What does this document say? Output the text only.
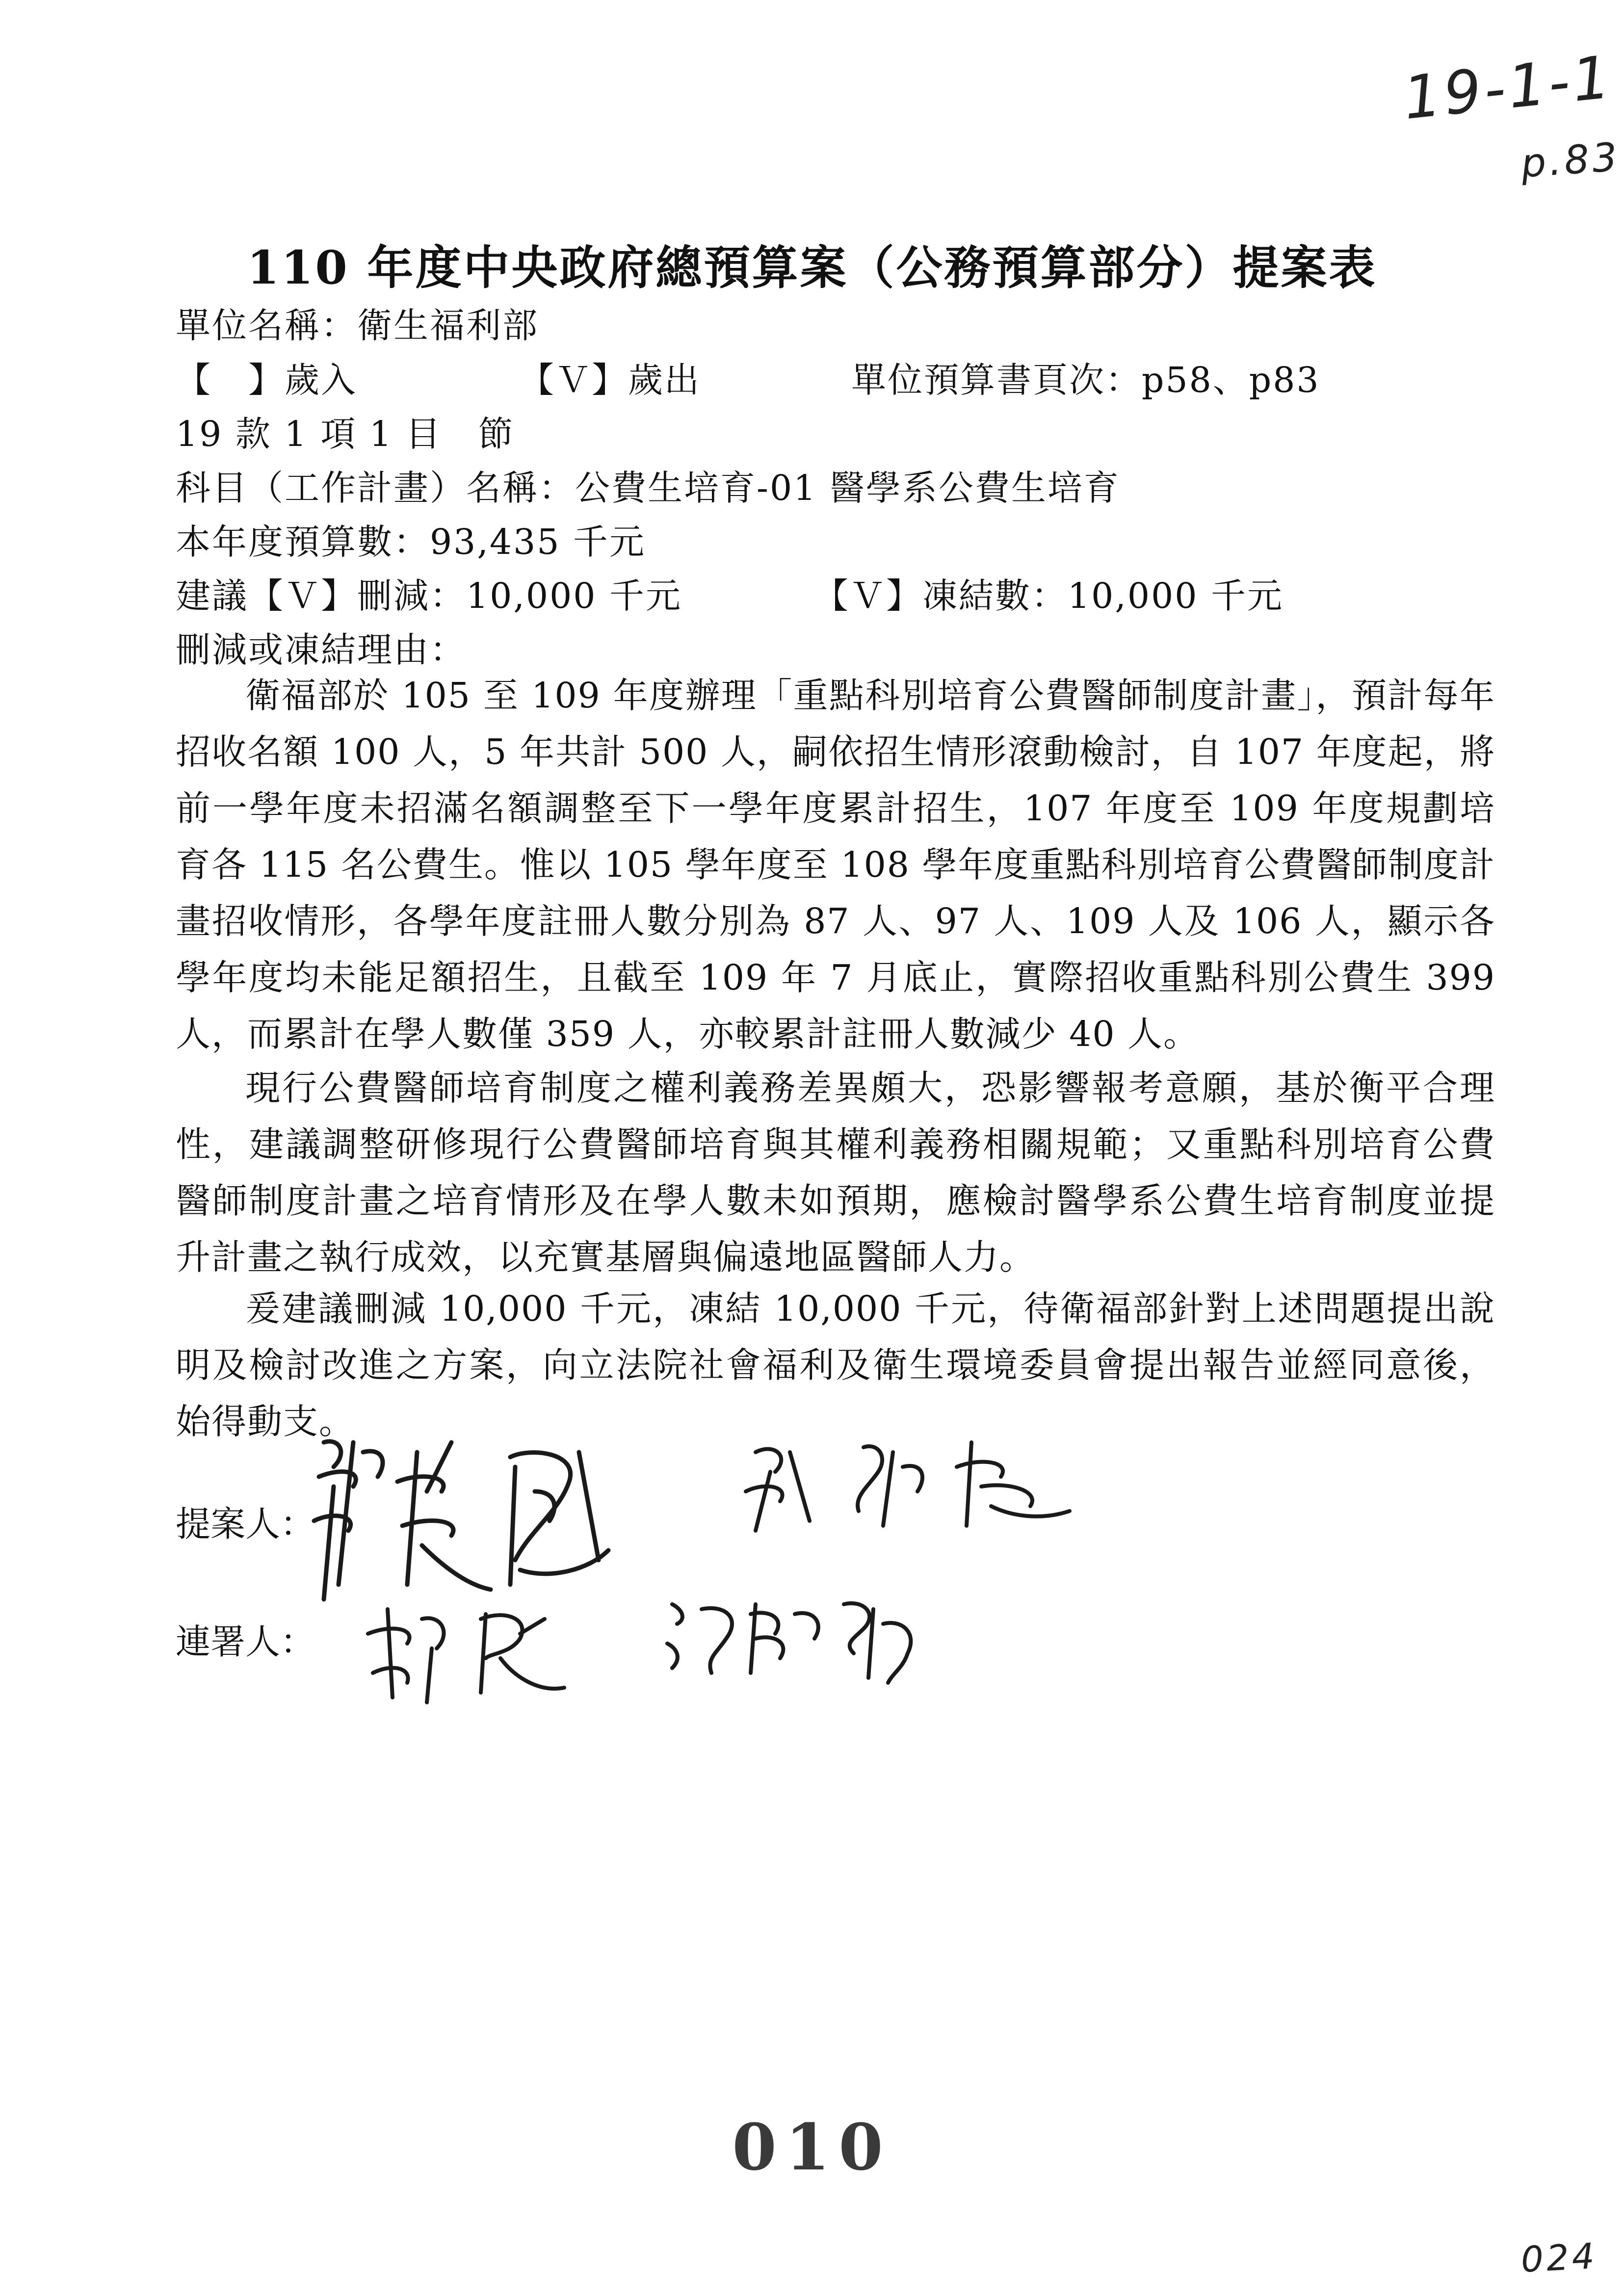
19-1-1
p.83
024
110 年度中央政府總預算案（公務預算部分）提案表
單位名稱：衛生福利部
【　】歲入	【Ｖ】歲出	單位預算書頁次：p58、p83
19 款 1 項 1 目　節
科目（工作計畫）名稱：公費生培育-01 醫學系公費生培育
本年度預算數：93,435 千元
建議【Ｖ】刪減：10,000 千元	【Ｖ】凍結數：10,000 千元
刪減或凍結理由：

衛福部於 105 至 109 年度辦理「重點科別培育公費醫師制度計畫」，預計每年招收名額 100 人，5 年共計 500 人，嗣依招生情形滾動檢討，自 107 年度起，將前一學年度未招滿名額調整至下一學年度累計招生，107 年度至 109 年度規劃培育各 115 名公費生。惟以 105 學年度至 108 學年度重點科別培育公費醫師制度計畫招收情形，各學年度註冊人數分別為 87 人、97 人、109 人及 106 人，顯示各學年度均未能足額招生，且截至 109 年 7 月底止，實際招收重點科別公費生 399 人，而累計在學人數僅 359 人，亦較累計註冊人數減少 40 人。

現行公費醫師培育制度之權利義務差異頗大，恐影響報考意願，基於衡平合理性，建議調整研修現行公費醫師培育與其權利義務相關規範；又重點科別培育公費醫師制度計畫之培育情形及在學人數未如預期，應檢討醫學系公費生培育制度並提升計畫之執行成效，以充實基層與偏遠地區醫師人力。

爰建議刪減 10,000 千元，凍結 10,000 千元，待衛福部針對上述問題提出說明及檢討改進之方案，向立法院社會福利及衛生環境委員會提出報告並經同意後，始得動支。

提案人：
連署人：
010
